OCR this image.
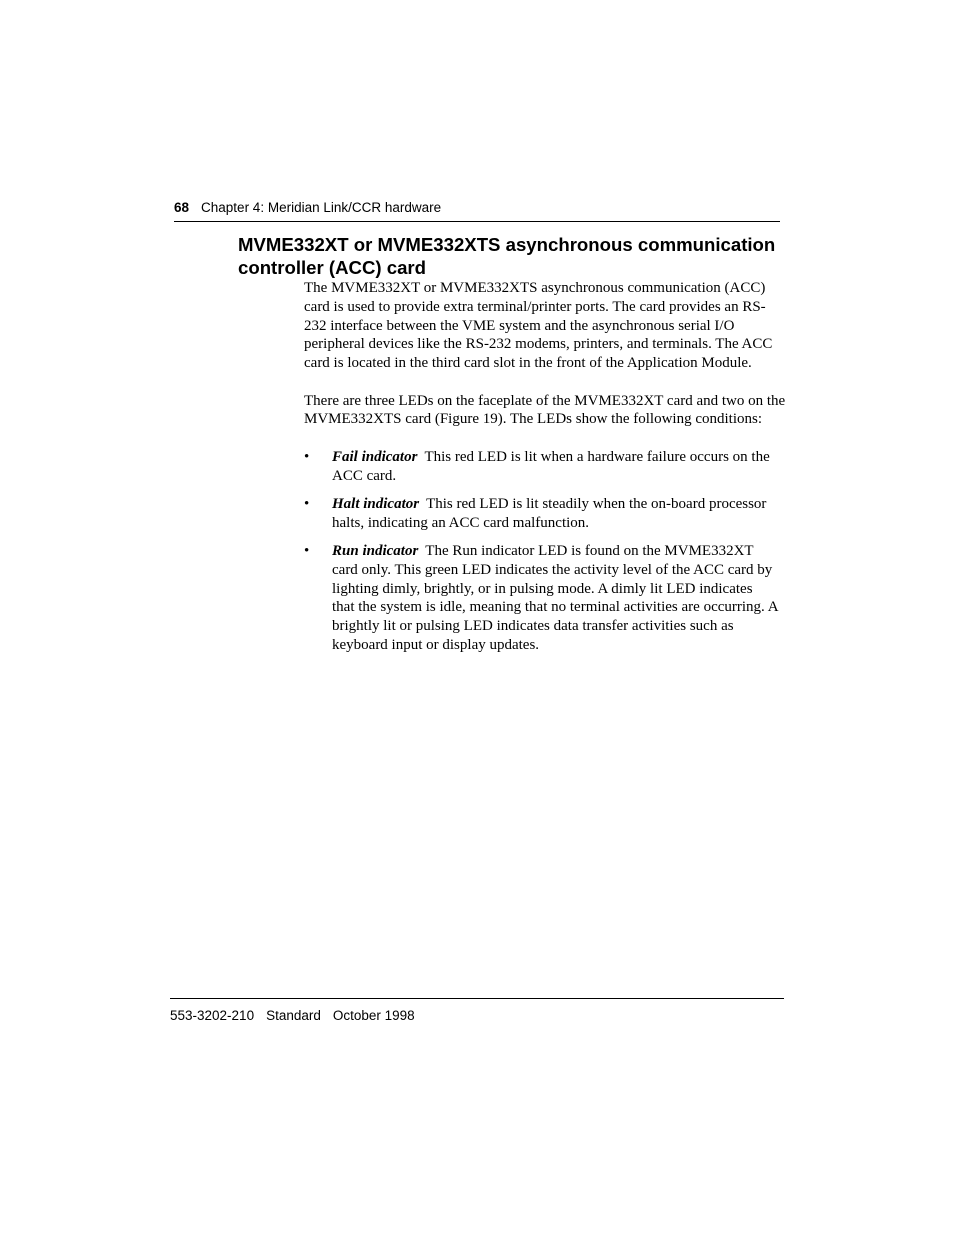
68 Chapter 4: Meridian Link/CCR hardware
MVME332XT or MVME332XTS asynchronous communication controller (ACC) card

The MVME332XT or MVME332XTS asynchronous communication (ACC) card is used to provide extra terminal/printer ports. The card provides an RS-232 interface between the VME system and the asynchronous serial I/O peripheral devices like the RS-232 modems, printers, and terminals. The ACC card is located in the third card slot in the front of the Application Module.

There are three LEDs on the faceplate of the MVME332XT card and two on the MVME332XTS card (Figure 19). The LEDs show the following conditions:

• Fail indicator This red LED is lit when a hardware failure occurs on the ACC card.
• Halt indicator This red LED is lit steadily when the on-board processor halts, indicating an ACC card malfunction.
• Run indicator The Run indicator LED is found on the MVME332XT card only. This green LED indicates the activity level of the ACC card by lighting dimly, brightly, or in pulsing mode. A dimly lit LED indicates that the system is idle, meaning that no terminal activities are occurring. A brightly lit or pulsing LED indicates data transfer activities such as keyboard input or display updates.
553-3202-210 Standard October 1998
